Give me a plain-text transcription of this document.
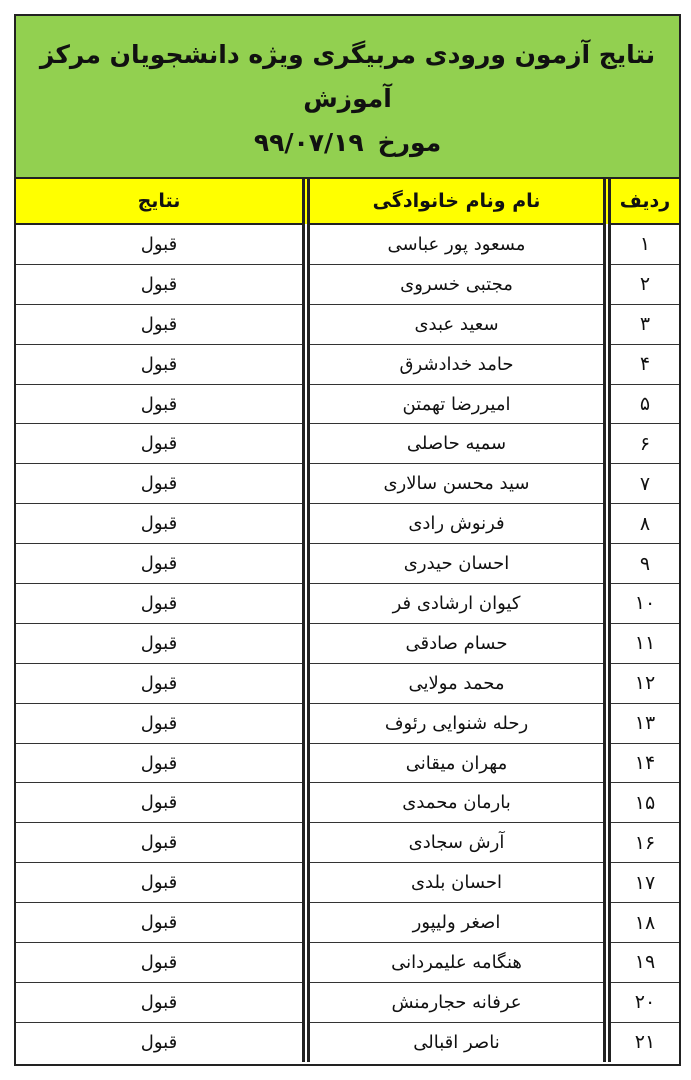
نتایج آزمون ورودی مربیگری ویژه دانشجویان مرکز آموزش
مورخ
۹۹/۰۷/۱۹
ردیف	نام ونام خانوادگی	نتایج
۱	مسعود پور عباسی	قبول
۲	مجتبی خسروی	قبول
۳	سعید عبدی	قبول
۴	حامد خدادشرق	قبول
۵	امیررضا تهمتن	قبول
۶	سمیه حاصلی	قبول
۷	سید محسن سالاری	قبول
۸	فرنوش رادی	قبول
۹	احسان حیدری	قبول
۱۰	کیوان ارشادی فر	قبول
۱۱	حسام صادقی	قبول
۱۲	محمد مولایی	قبول
۱۳	رحله شنوایی رئوف	قبول
۱۴	مهران میقانی	قبول
۱۵	بارمان محمدی	قبول
۱۶	آرش سجادی	قبول
۱۷	احسان بلدی	قبول
۱۸	اصغر ولیپور	قبول
۱۹	هنگامه علیمردانی	قبول
۲۰	عرفانه حجارمنش	قبول
۲۱	ناصر اقبالی	قبول
